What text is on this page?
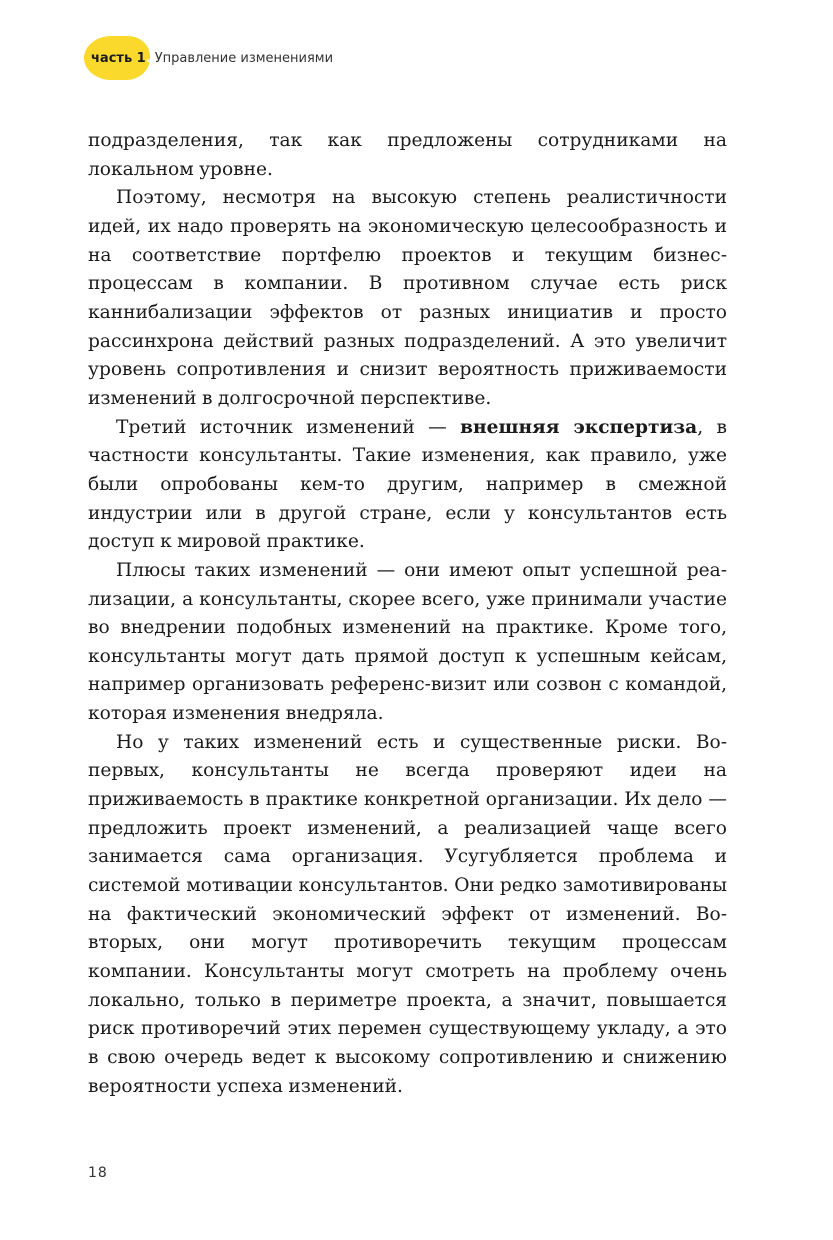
часть 1. Управление изменениями

подразделения, так как предложены сотрудниками на локальном уровне.

Поэтому, несмотря на высокую степень реалистичности идей, их надо проверять на экономическую целесообразность и на соответствие портфелю проектов и текущим бизнес-процессам в компании. В противном случае есть риск каннибализации эффектов от разных инициатив и просто рассинхрона действий разных подразделений. А это увеличит уровень сопротивления и снизит вероятность приживаемости изменений в долгосрочной перспективе.

Третий источник изменений — внешняя экспертиза, в частности консультанты. Такие изменения, как правило, уже были опробованы кем-то другим, например в смежной индустрии или в другой стране, если у консультантов есть доступ к мировой практике.

Плюсы таких изменений — они имеют опыт успешной реализации, а консультанты, скорее всего, уже принимали участие во внедрении подобных изменений на практике. Кроме того, консультанты могут дать прямой доступ к успешным кейсам, например организовать референс-визит или созвон с командой, которая изменения внедряла.

Но у таких изменений есть и существенные риски. Во-первых, консультанты не всегда проверяют идеи на приживаемость в практике конкретной организации. Их дело — предложить проект изменений, а реализацией чаще всего занимается сама организация. Усугубляется проблема и системой мотивации консультантов. Они редко замотивированы на фактический экономический эффект от изменений. Во-вторых, они могут противоречить текущим процессам компании. Консультанты могут смотреть на проблему очень локально, только в периметре проекта, а значит, повышается риск противоречий этих перемен существующему укладу, а это в свою очередь ведет к высокому сопротивлению и снижению вероятности успеха изменений.

18
